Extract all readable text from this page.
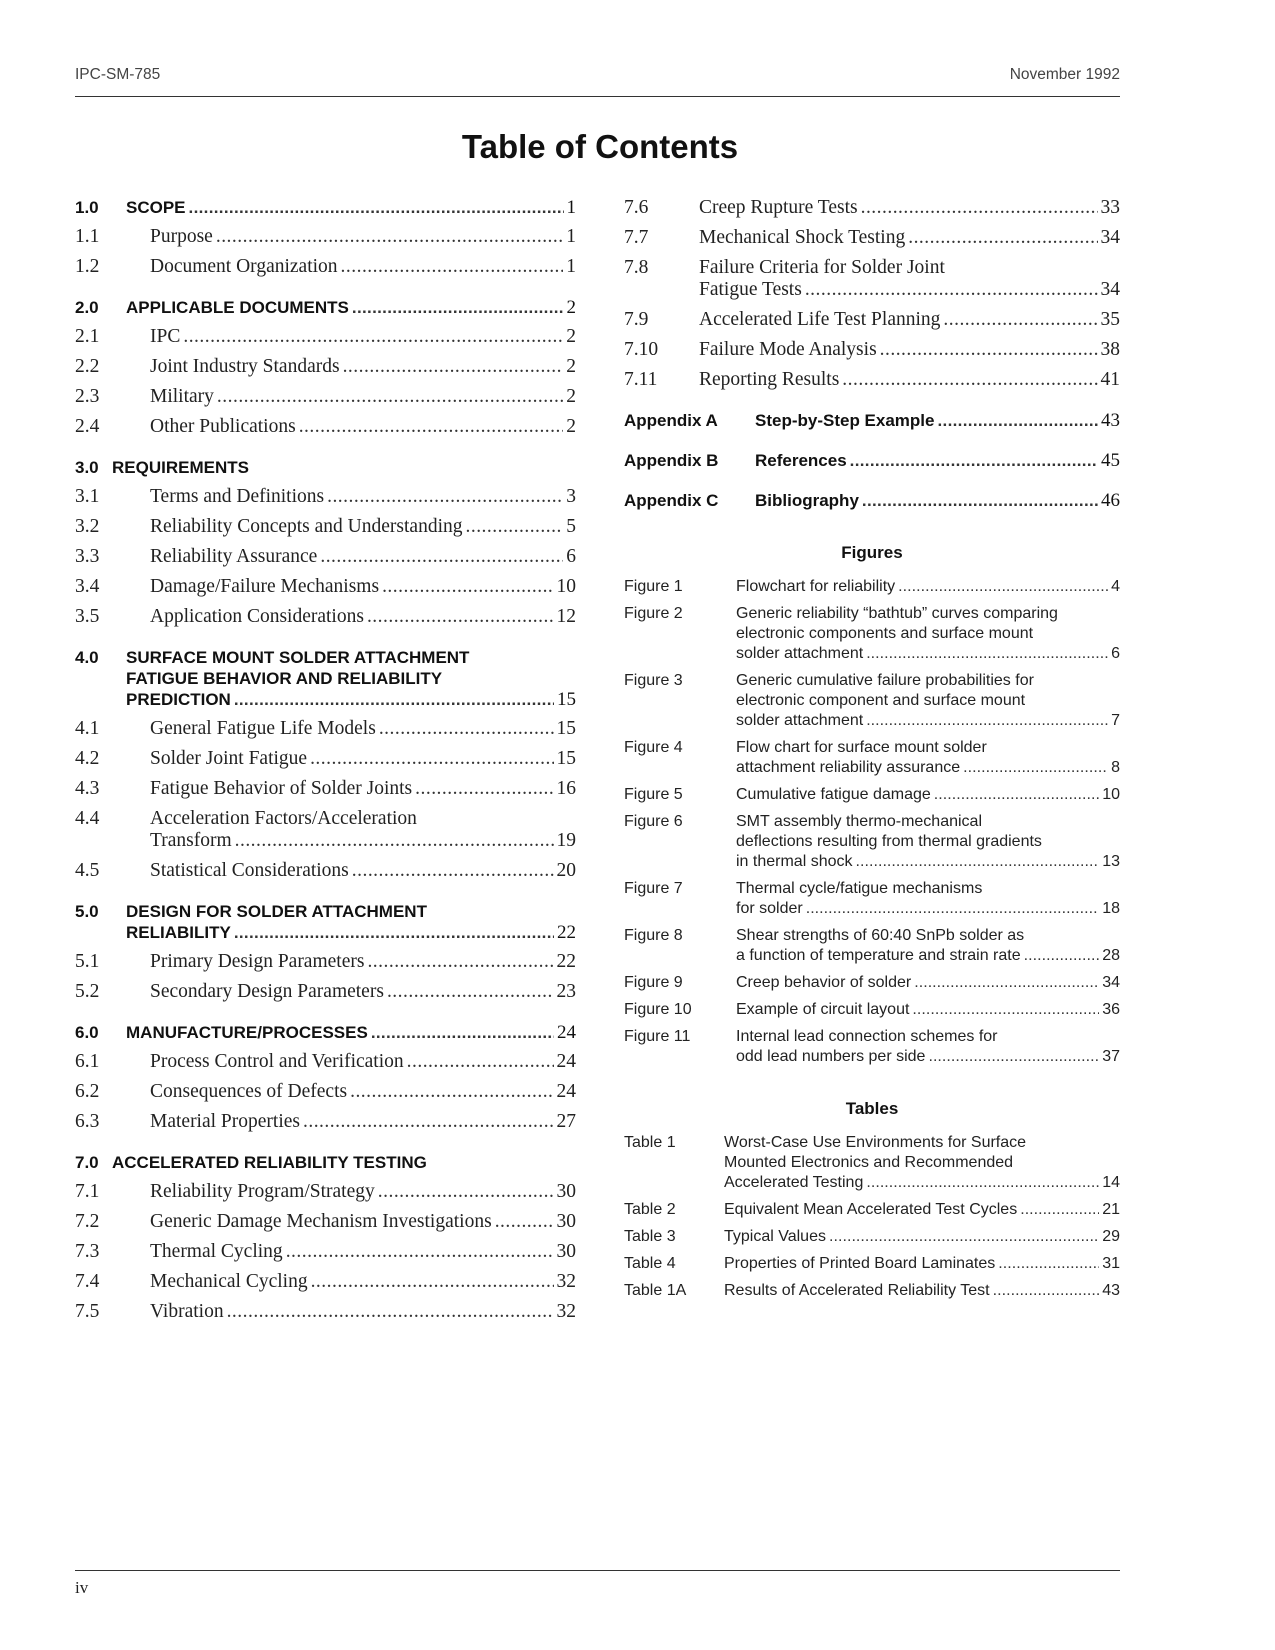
IPC-SM-785	November 1992
Table of Contents
1.0	SCOPE . . .	1
1.1	Purpose . . .	1
1.2	Document Organization . . .	1
2.0	APPLICABLE DOCUMENTS . . .	2
2.1	IPC . . .	2
2.2	Joint Industry Standards . . .	2
2.3	Military . . .	2
2.4	Other Publications . . .	2
3.0 REQUIREMENTS
3.1	Terms and Definitions . . .	3
3.2	Reliability Concepts and Understanding . . .	5
3.3	Reliability Assurance . . .	6
3.4	Damage/Failure Mechanisms . . .	10
3.5	Application Considerations . . .	12
4.0	SURFACE MOUNT SOLDER ATTACHMENT
FATIGUE BEHAVIOR AND RELIABILITY
PREDICTION . . .	15
4.1	General Fatigue Life Models . . .	15
4.2	Solder Joint Fatigue . . .	15
4.3	Fatigue Behavior of Solder Joints . . .	16
4.4	Acceleration Factors/Acceleration
Transform . . .	19
4.5	Statistical Considerations . . .	20
5.0	DESIGN FOR SOLDER ATTACHMENT
RELIABILITY . . .	22
5.1	Primary Design Parameters . . .	22
5.2	Secondary Design Parameters . . .	23
6.0	MANUFACTURE/PROCESSES . . .	24
6.1	Process Control and Verification . . .	24
6.2	Consequences of Defects . . .	24
6.3	Material Properties . . .	27
7.0 ACCELERATED RELIABILITY TESTING
7.1	Reliability Program/Strategy . . .	30
7.2	Generic Damage Mechanism Investigations . . .	30
7.3	Thermal Cycling . . .	30
7.4	Mechanical Cycling . . .	32
7.5	Vibration . . .	32
7.6	Creep Rupture Tests . . .	33
7.7	Mechanical Shock Testing . . .	34
7.8	Failure Criteria for Solder Joint
Fatigue Tests . . .	34
7.9	Accelerated Life Test Planning . . .	35
7.10	Failure Mode Analysis . . .	38
7.11	Reporting Results . . .	41
Appendix A	Step-by-Step Example . . .	43
Appendix B	References . . .	45
Appendix C	Bibliography . . .	46
Figures
Figure 1	Flowchart for reliability . . .	4
Figure 2	Generic reliability “bathtub” curves comparing
electronic components and surface mount
solder attachment . . .	6
Figure 3	Generic cumulative failure probabilities for
electronic component and surface mount
solder attachment . . .	7
Figure 4	Flow chart for surface mount solder
attachment reliability assurance . . .	8
Figure 5	Cumulative fatigue damage . . .	10
Figure 6	SMT assembly thermo-mechanical
deflections resulting from thermal gradients
in thermal shock . . .	13
Figure 7	Thermal cycle/fatigue mechanisms
for solder . . .	18
Figure 8	Shear strengths of 60:40 SnPb solder as
a function of temperature and strain rate . . .	28
Figure 9	Creep behavior of solder . . .	34
Figure 10	Example of circuit layout . . .	36
Figure 11	Internal lead connection schemes for
odd lead numbers per side . . .	37
Tables
Table 1	Worst-Case Use Environments for Surface
Mounted Electronics and Recommended
Accelerated Testing . . .	14
Table 2	Equivalent Mean Accelerated Test Cycles . . .	21
Table 3	Typical Values . . .	29
Table 4	Properties of Printed Board Laminates . . .	31
Table 1A	Results of Accelerated Reliability Test . . .	43
iv
